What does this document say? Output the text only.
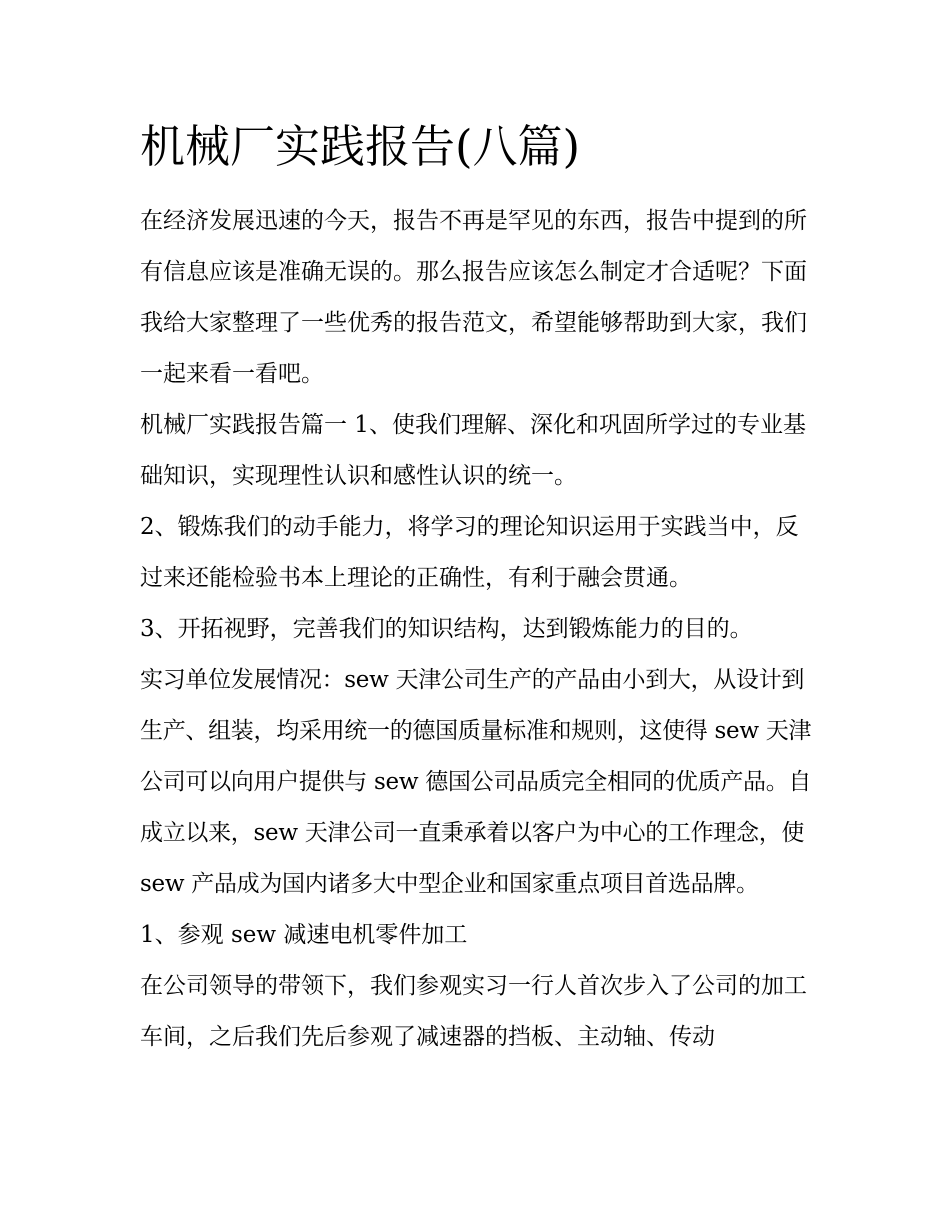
机械厂实践报告(八篇)

在经济发展迅速的今天，报告不再是罕见的东西，报告中提到的所有信息应该是准确无误的。那么报告应该怎么制定才合适呢？下面我给大家整理了一些优秀的报告范文，希望能够帮助到大家，我们一起来看一看吧。

机械厂实践报告篇一 1、使我们理解、深化和巩固所学过的专业基础知识，实现理性认识和感性认识的统一。

2、锻炼我们的动手能力，将学习的理论知识运用于实践当中，反过来还能检验书本上理论的正确性，有利于融会贯通。

3、开拓视野，完善我们的知识结构，达到锻炼能力的目的。

实习单位发展情况：sew 天津公司生产的产品由小到大，从设计到生产、组装，均采用统一的德国质量标准和规则，这使得 sew 天津公司可以向用户提供与 sew 德国公司品质完全相同的优质产品。自成立以来，sew 天津公司一直秉承着以客户为中心的工作理念，使 sew 产品成为国内诸多大中型企业和国家重点项目首选品牌。

1、参观 sew 减速电机零件加工

在公司领导的带领下，我们参观实习一行人首次步入了公司的加工车间，之后我们先后参观了减速器的挡板、主动轴、传动
